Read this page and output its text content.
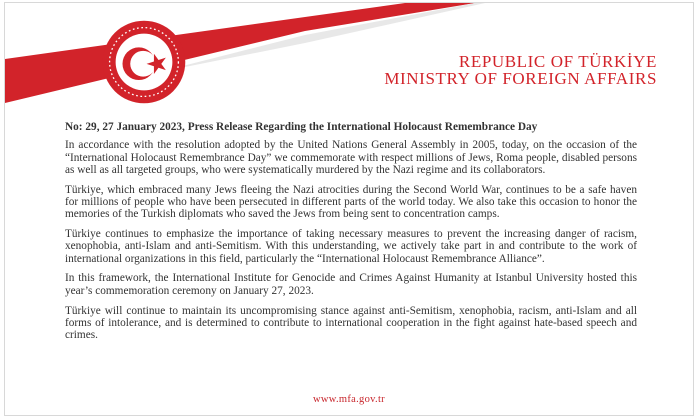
REPUBLIC OF TÜRKİYE
MINISTRY OF FOREIGN AFFAIRS
No: 29, 27 January 2023, Press Release Regarding the International Holocaust Remembrance Day

In accordance with the resolution adopted by the United Nations General Assembly in 2005, today, on the occasion of the “International Holocaust Remembrance Day” we commemorate with respect millions of Jews, Roma people, disabled persons as well as all targeted groups, who were systematically murdered by the Nazi regime and its collaborators.

Türkiye, which embraced many Jews fleeing the Nazi atrocities during the Second World War, continues to be a safe haven for millions of people who have been persecuted in different parts of the world today. We also take this occasion to honor the memories of the Turkish diplomats who saved the Jews from being sent to concentration camps.

Türkiye continues to emphasize the importance of taking necessary measures to prevent the increasing danger of racism, xenophobia, anti-Islam and anti-Semitism. With this understanding, we actively take part in and contribute to the work of international organizations in this field, particularly the “International Holocaust Remembrance Alliance”.

In this framework, the International Institute for Genocide and Crimes Against Humanity at Istanbul University hosted this year’s commemoration ceremony on January 27, 2023.

Türkiye will continue to maintain its uncompromising stance against anti-Semitism, xenophobia, racism, anti-Islam and all forms of intolerance, and is determined to contribute to international cooperation in the fight against hate-based speech and crimes.

www.mfa.gov.tr
